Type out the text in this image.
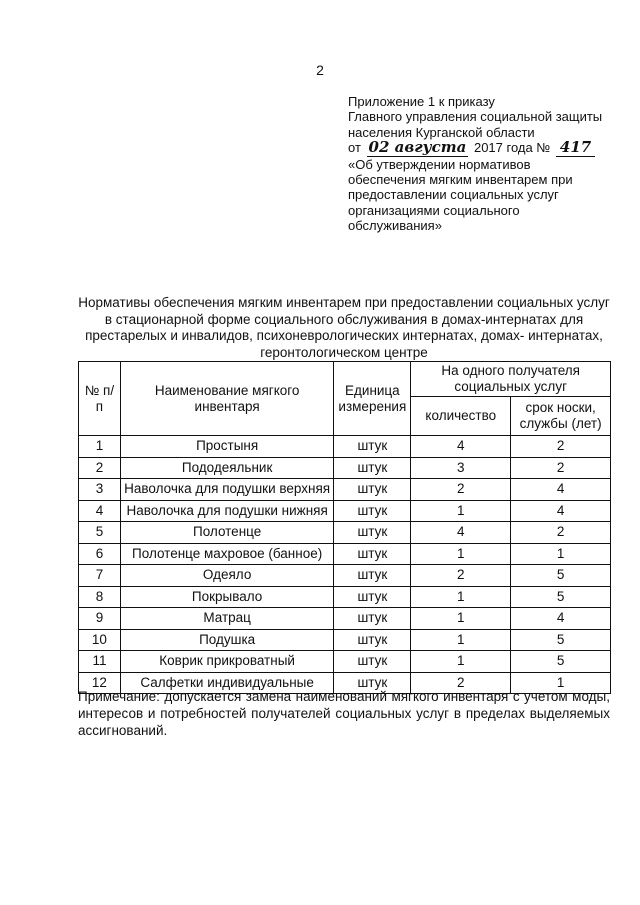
2
Приложение 1 к приказу
Главного управления социальной защиты
населения Курганской области
от 02 августа 2017 года № 417
«Об утверждении нормативов
обеспечения мягким инвентарем при
предоставлении социальных услуг
организациями социального
обслуживания»
Нормативы обеспечения мягким инвентарем при предоставлении социальных услуг в стационарной форме социального обслуживания в домах-интернатах для престарелых и инвалидов, психоневрологических интернатах, домах- интернатах, геронтологическом центре
№ п/п	Наименование мягкого инвентаря	Единица измерения	На одного получателя социальных услуг	
			количество	срок носки, службы (лет)
1	Простыня	штук	4	2
2	Пододеяльник	штук	3	2
3	Наволочка для подушки верхняя	штук	2	4
4	Наволочка для подушки нижняя	штук	1	4
5	Полотенце	штук	4	2
6	Полотенце махровое (банное)	штук	1	1
7	Одеяло	штук	2	5
8	Покрывало	штук	1	5
9	Матрац	штук	1	4
10	Подушка	штук	1	5
11	Коврик прикроватный	штук	1	5
12	Салфетки индивидуальные	штук	2	1
Примечание: допускается замена наименований мягкого инвентаря с учетом моды, интересов и потребностей получателей социальных услуг в пределах выделяемых ассигнований.
